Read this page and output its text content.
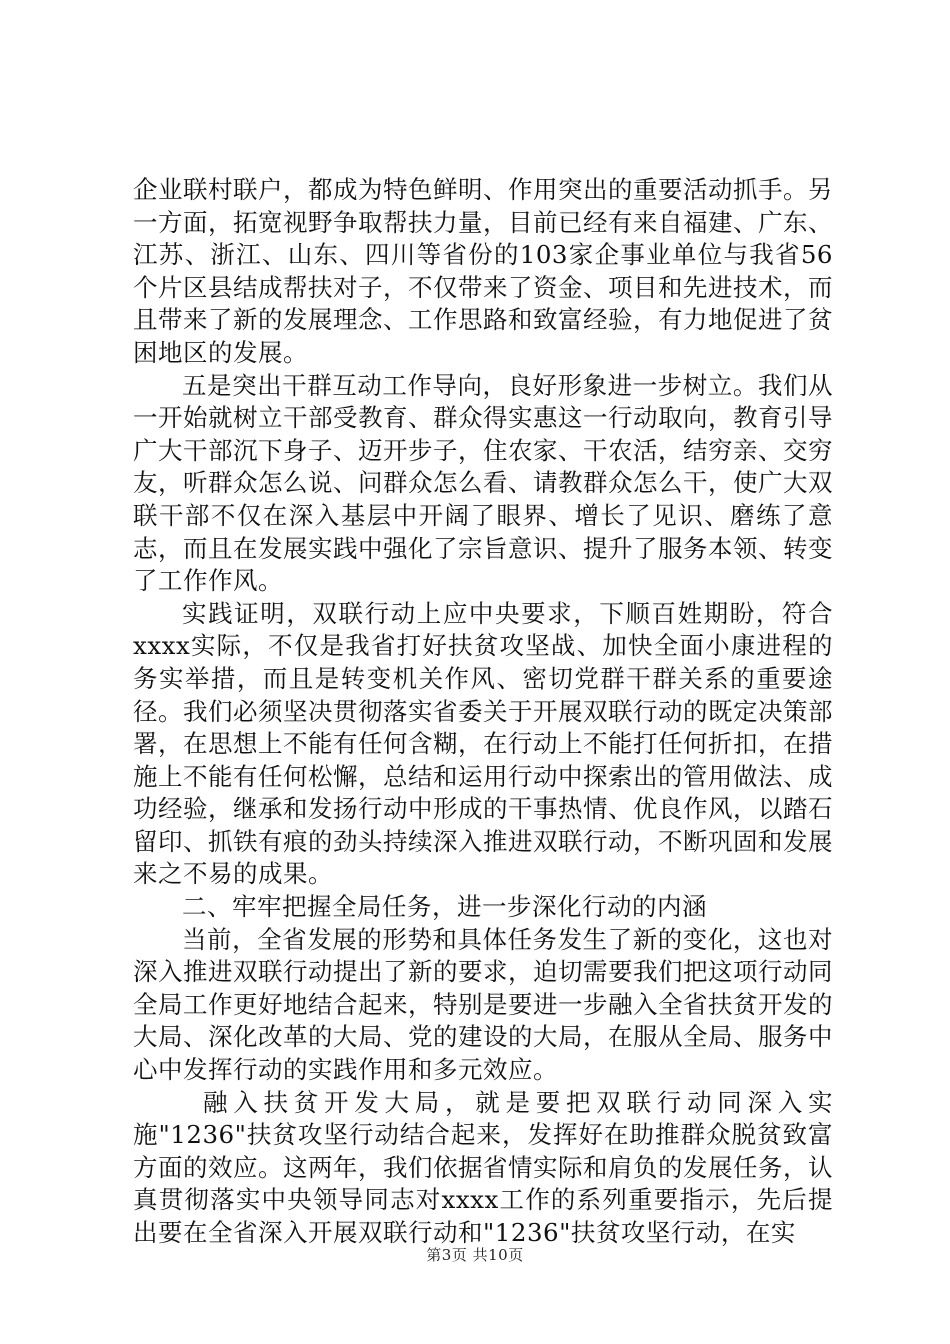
企业联村联户，都成为特色鲜明、作用突出的重要活动抓手。另一方面，拓宽视野争取帮扶力量，目前已经有来自福建、广东、江苏、浙江、山东、四川等省份的103家企事业单位与我省56个片区县结成帮扶对子，不仅带来了资金、项目和先进技术，而且带来了新的发展理念、工作思路和致富经验，有力地促进了贫困地区的发展。

五是突出干群互动工作导向，良好形象进一步树立。我们从一开始就树立干部受教育、群众得实惠这一行动取向，教育引导广大干部沉下身子、迈开步子，住农家、干农活，结穷亲、交穷友，听群众怎么说、问群众怎么看、请教群众怎么干，使广大双联干部不仅在深入基层中开阔了眼界、增长了见识、磨练了意志，而且在发展实践中强化了宗旨意识、提升了服务本领、转变了工作作风。

实践证明，双联行动上应中央要求，下顺百姓期盼，符合xxxx实际，不仅是我省打好扶贫攻坚战、加快全面小康进程的务实举措，而且是转变机关作风、密切党群干群关系的重要途径。我们必须坚决贯彻落实省委关于开展双联行动的既定决策部署，在思想上不能有任何含糊，在行动上不能打任何折扣，在措施上不能有任何松懈，总结和运用行动中探索出的管用做法、成功经验，继承和发扬行动中形成的干事热情、优良作风，以踏石留印、抓铁有痕的劲头持续深入推进双联行动，不断巩固和发展来之不易的成果。

二、牢牢把握全局任务，进一步深化行动的内涵

当前，全省发展的形势和具体任务发生了新的变化，这也对深入推进双联行动提出了新的要求，迫切需要我们把这项行动同全局工作更好地结合起来，特别是要进一步融入全省扶贫开发的大局、深化改革的大局、党的建设的大局，在服从全局、服务中心中发挥行动的实践作用和多元效应。

融入扶贫开发大局，就是要把双联行动同深入实施"1236"扶贫攻坚行动结合起来，发挥好在助推群众脱贫致富方面的效应。这两年，我们依据省情实际和肩负的发展任务，认真贯彻落实中央领导同志对xxxx工作的系列重要指示，先后提出要在全省深入开展双联行动和"1236"扶贫攻坚行动，在实

第3页 共10页
